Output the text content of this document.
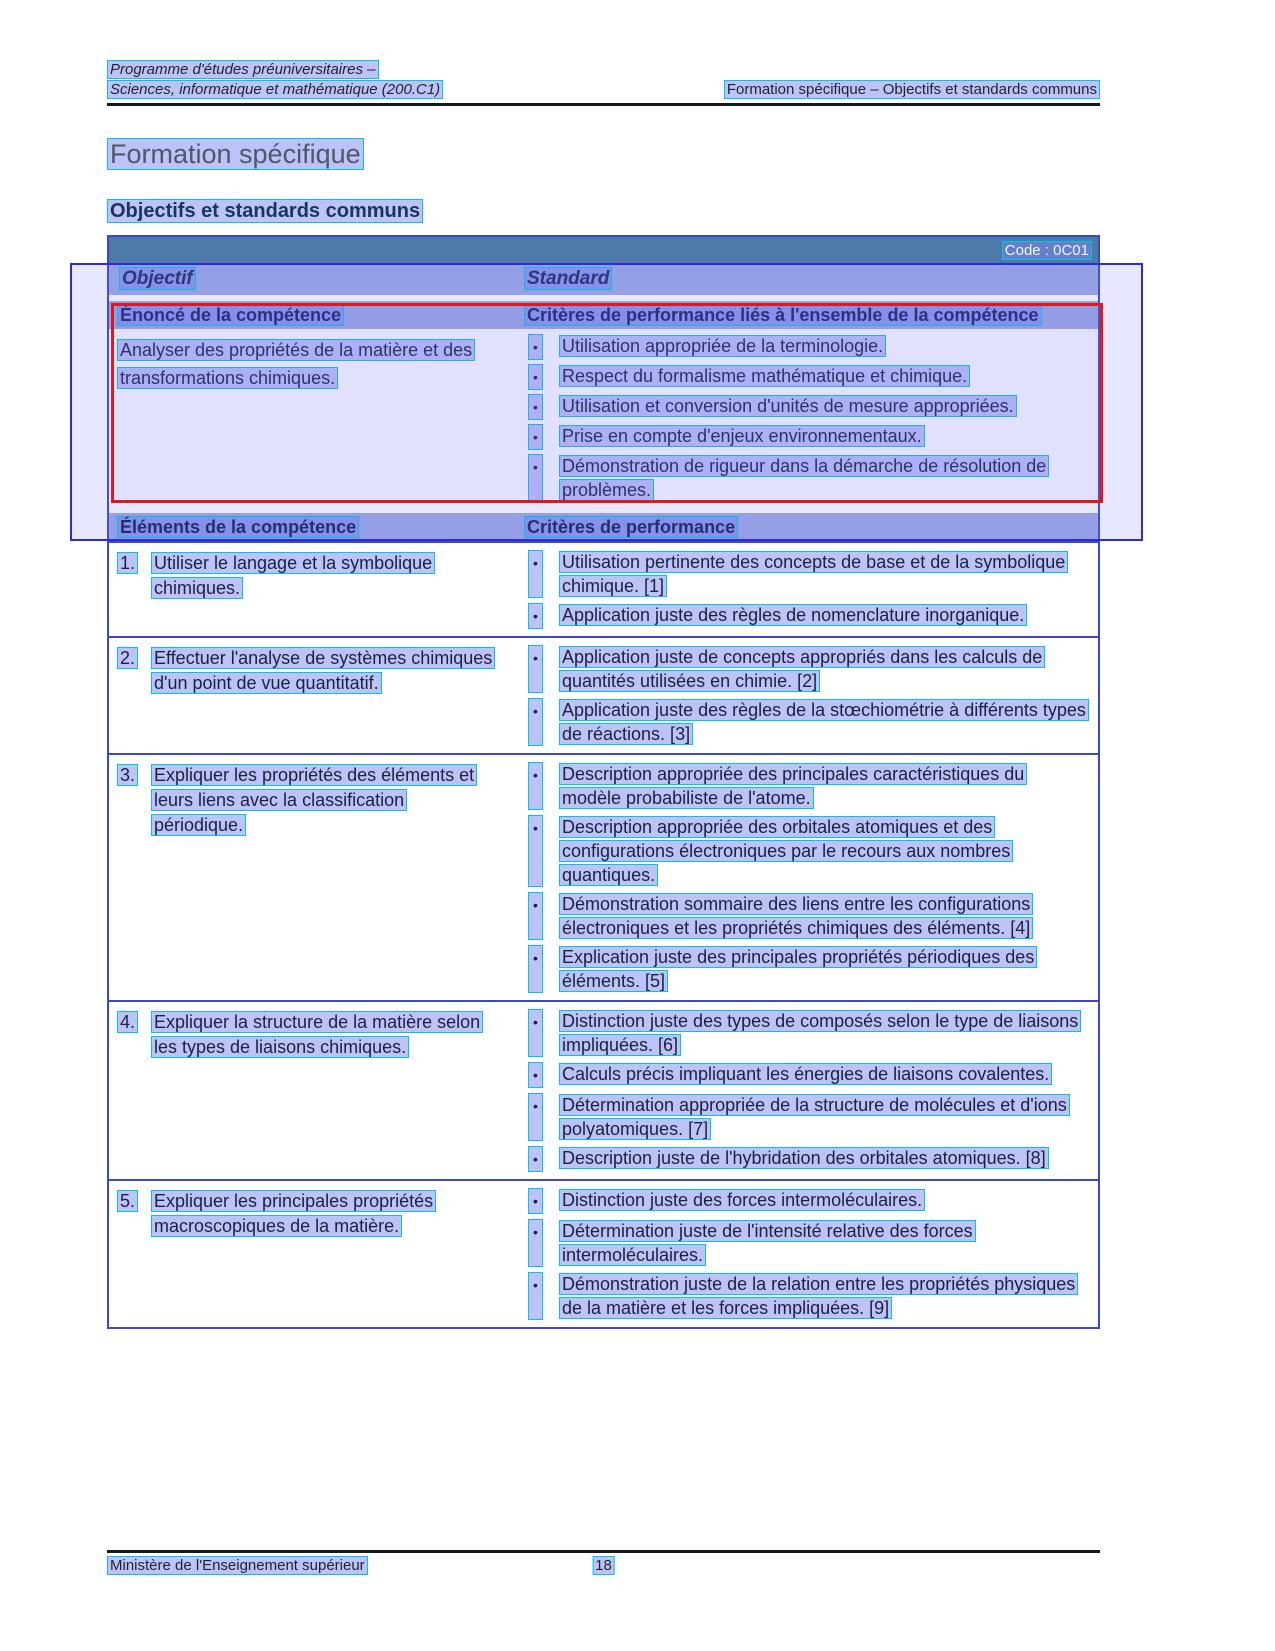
Programme d'études préuniversitaires –
Sciences, informatique et mathématique (200.C1)	Formation spécifique – Objectifs et standards communs
Formation spécifique
Objectifs et standards communs
Code : 0C01
Objectif	Standard
Énoncé de la compétence	Critères de performance liés à l'ensemble de la compétence
Analyser des propriétés de la matière et des transformations chimiques.
• Utilisation appropriée de la terminologie.
• Respect du formalisme mathématique et chimique.
• Utilisation et conversion d'unités de mesure appropriées.
• Prise en compte d'enjeux environnementaux.
• Démonstration de rigueur dans la démarche de résolution de problèmes.
Éléments de la compétence	Critères de performance
1.	Utiliser le langage et la symbolique chimiques.
• Utilisation pertinente des concepts de base et de la symbolique chimique. [1]
• Application juste des règles de nomenclature inorganique.
2.	Effectuer l'analyse de systèmes chimiques d'un point de vue quantitatif.
• Application juste de concepts appropriés dans les calculs de quantités utilisées en chimie. [2]
• Application juste des règles de la stœchiométrie à différents types de réactions. [3]
3.	Expliquer les propriétés des éléments et leurs liens avec la classification périodique.
• Description appropriée des principales caractéristiques du modèle probabiliste de l'atome.
• Description appropriée des orbitales atomiques et des configurations électroniques par le recours aux nombres quantiques.
• Démonstration sommaire des liens entre les configurations électroniques et les propriétés chimiques des éléments. [4]
• Explication juste des principales propriétés périodiques des éléments. [5]
4.	Expliquer la structure de la matière selon les types de liaisons chimiques.
• Distinction juste des types de composés selon le type de liaisons impliquées. [6]
• Calculs précis impliquant les énergies de liaisons covalentes.
• Détermination appropriée de la structure de molécules et d'ions polyatomiques. [7]
• Description juste de l'hybridation des orbitales atomiques. [8]
5.	Expliquer les principales propriétés macroscopiques de la matière.
• Distinction juste des forces intermoléculaires.
• Détermination juste de l'intensité relative des forces intermoléculaires.
• Démonstration juste de la relation entre les propriétés physiques de la matière et les forces impliquées. [9]
Ministère de l'Enseignement supérieur	18
